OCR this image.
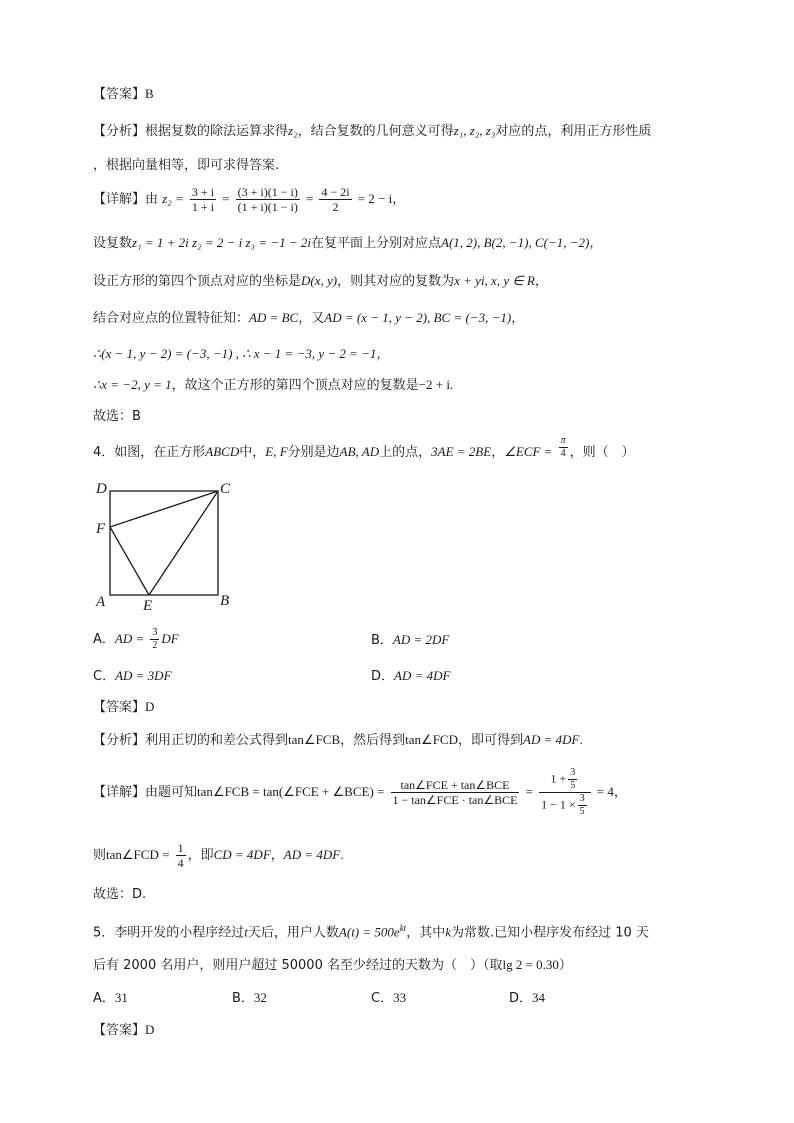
【答案】B
【分析】根据复数的除法运算求得z₂，结合复数的几何意义可得z₁, z₂, z₃对应的点，利用正方形性质
，根据向量相等，即可求得答案.
【详解】由 $z_2 = \frac{3 + i}{1 + i} = \frac{(3 + i)(1 - i)}{(1 + i)(1 - i)} = \frac{4 - 2i}{2} = 2 - i$，
设复数z₁ = 1 + 2i z₂ = 2 − i z₃ = −1 − 2i在复平面上分别对应点A(1, 2), B(2, −1), C(−1, −2)，
设正方形的第四个顶点对应的坐标是D(x, y)，则其对应的复数为x + yi, x, y ∈ R，
结合对应点的位置特征知：AD = BC，又AD = (x − 1, y − 2), BC = (−3, −1)，
∴(x − 1, y − 2) = (−3, −1) , ∴ x − 1 = −3, y − 2 = −1，
∴x = −2, y = 1，故这个正方形的第四个顶点对应的复数是−2 + i.
故选：B
4．如图，在正方形ABCD中，E, F分别是边AB, AD上的点，3AE = 2BE，∠ECF = $\frac{\pi}{4}$ ，则（　）
D	C
F
A	E	B
A．AD = $\frac{3}{2}$ DF	B．AD = 2DF
C．AD = 3DF	D．AD = 4DF
【答案】D
【分析】利用正切的和差公式得到tan∠FCB，然后得到tan∠FCD，即可得到AD = 4DF.
【详解】由题可知tan∠FCB = tan(∠FCE + ∠BCE) = $\frac{\text{tan∠FCE + tan∠BCE}}{\text{1 − tan∠FCE · tan∠BCE}} = \frac{1 + \frac{3}{5}}{1 - 1 \times \frac{3}{5}} = 4$，
则tan∠FCD = $\frac{1}{4}$ ，即CD = 4DF，AD = 4DF.
故选：D.
5．李明开发的小程序经过t天后，用户人数$A(t) = 500e^{kt}$，其中k为常数.已知小程序发布经过 10 天
后有 2000 名用户，则用户超过 50000 名至少经过的天数为（　）（取lg 2 = 0.30）
A．31	B．32	C．33	D．34
【答案】D
